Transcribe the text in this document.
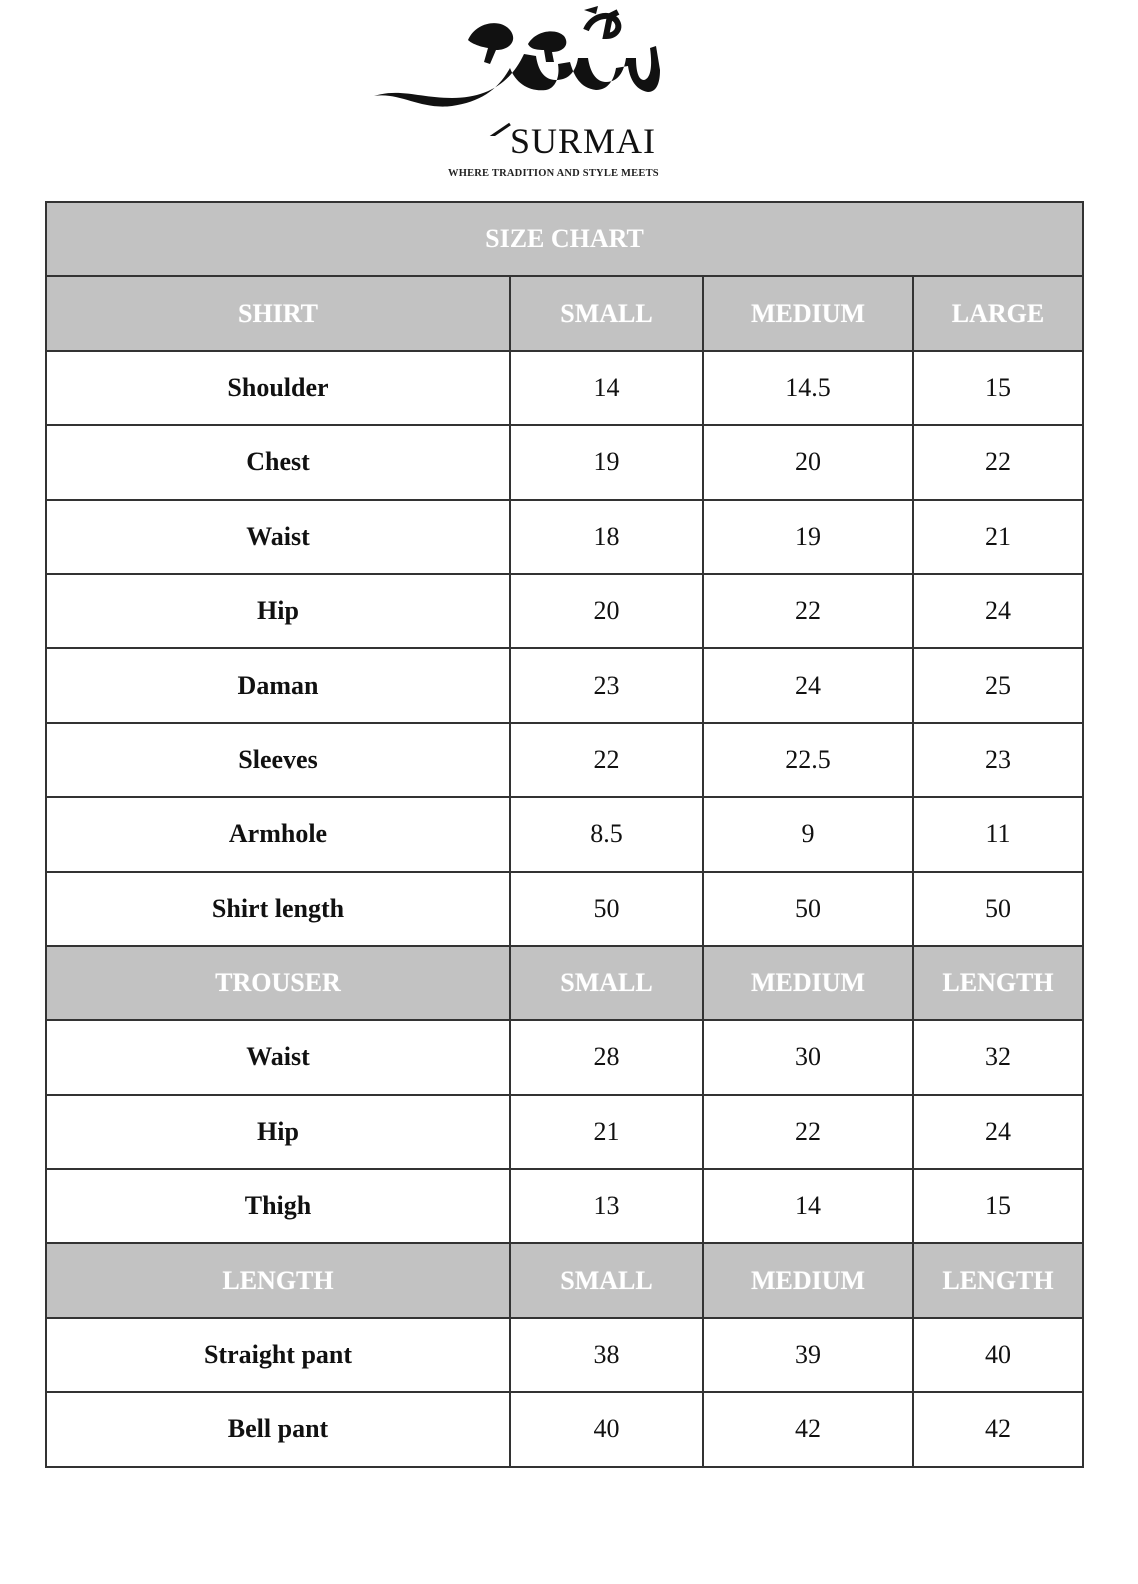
SURMAI
WHERE TRADITION AND STYLE MEETS
SIZE CHART			
SHIRT	SMALL	MEDIUM	LARGE
Shoulder	14	14.5	15
Chest	19	20	22
Waist	18	19	21
Hip	20	22	24
Daman	23	24	25
Sleeves	22	22.5	23
Armhole	8.5	9	11
Shirt length	50	50	50
TROUSER	SMALL	MEDIUM	LENGTH
Waist	28	30	32
Hip	21	22	24
Thigh	13	14	15
LENGTH	SMALL	MEDIUM	LENGTH
Straight pant	38	39	40
Bell pant	40	42	42
